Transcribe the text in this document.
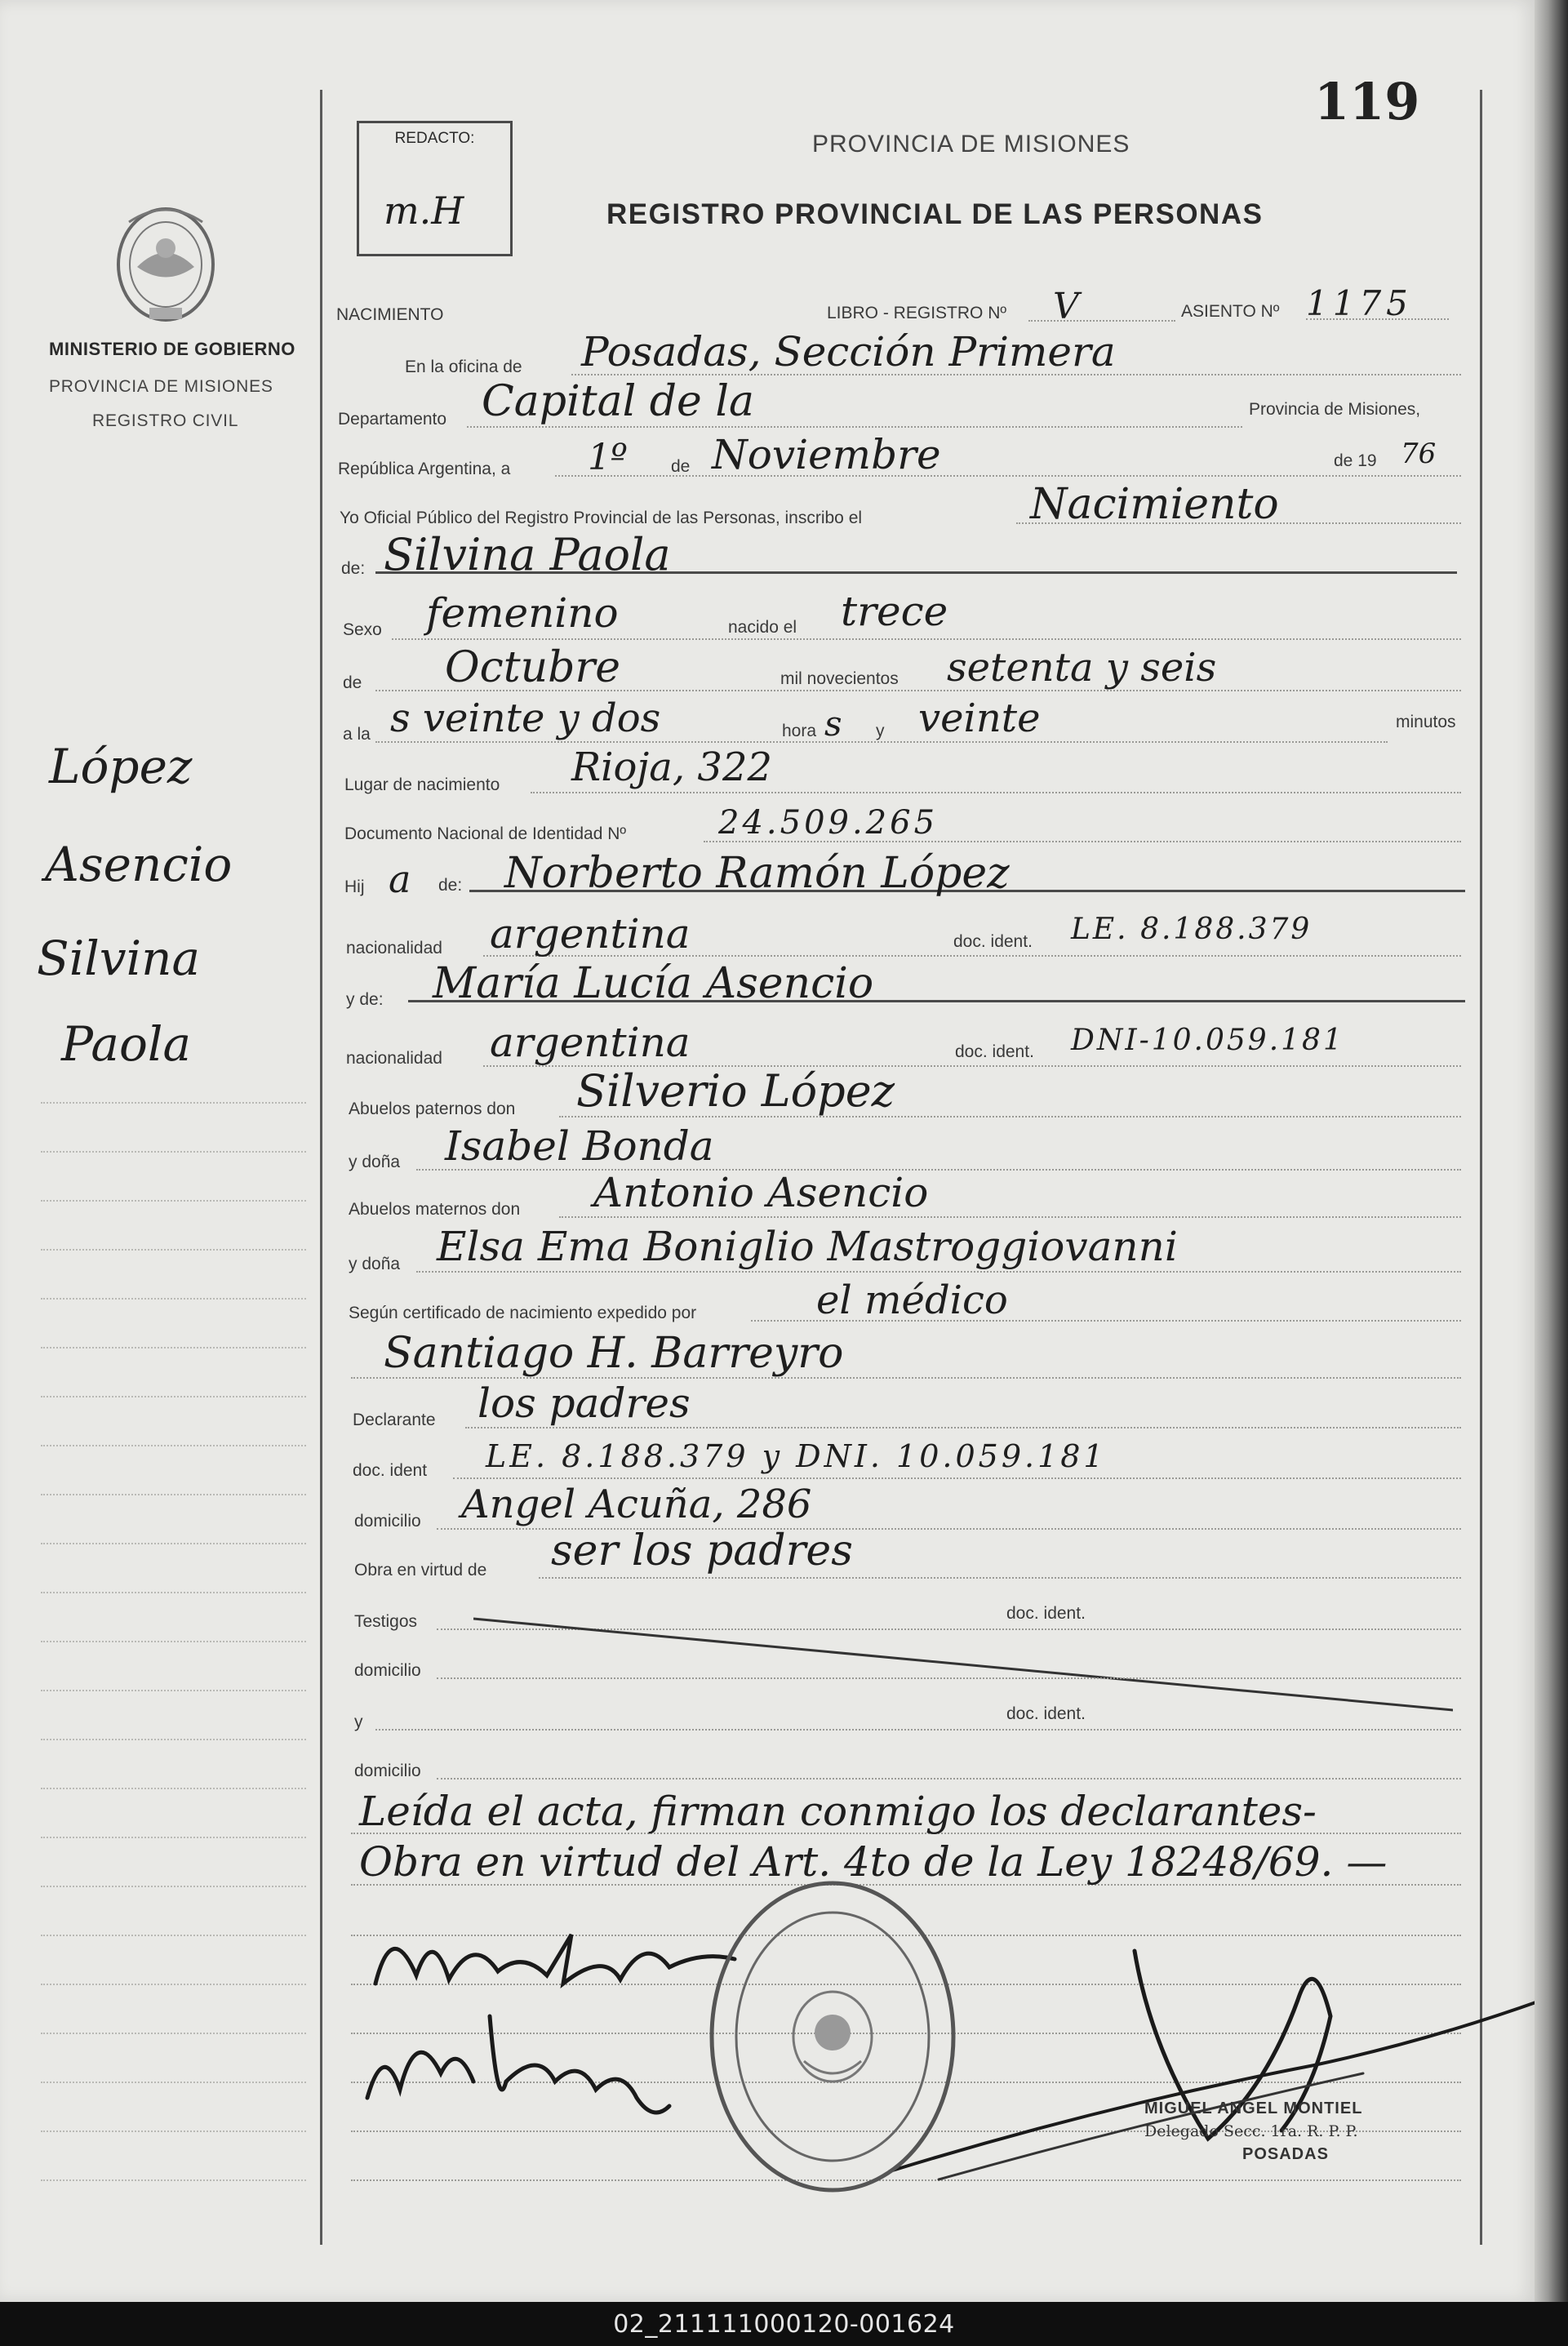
119
REDACTO:
m.H
PROVINCIA DE MISIONES
REGISTRO PROVINCIAL DE LAS PERSONAS
MINISTERIO DE GOBIERNO
PROVINCIA DE MISIONES
REGISTRO CIVIL
López
Asencio
Silvina
Paola
NACIMIENTO	LIBRO - REGISTRO Nº V	ASIENTO Nº 1175
En la oficina de Posadas, Sección Primera
Departamento Capital de la	Provincia de Misiones,
República Argentina, a 1º	de Noviembre	de 19 76
Yo Oficial Público del Registro Provincial de las Personas, inscribo el	Nacimiento
de: Silvina Paola
Sexo femenino	nacido el trece
de Octubre	mil novecientos setenta y seis
a la s veinte y dos	hora s y veinte	minutos
Lugar de nacimiento Rioja, 322
Documento Nacional de Identidad Nº	24.509.265
Hij a de: Norberto Ramón López
nacionalidad argentina	doc. ident. LE. 8.188.379
y de: María Lucía Asencio
nacionalidad argentina	doc. ident. DNI-10.059.181
Abuelos paternos don Silverio López
y doña Isabel Bonda
Abuelos maternos don Antonio Asencio
y doña Elsa Ema Boniglio Mastroggiovanni
Según certificado de nacimiento expedido por	el médico
Santiago H. Barreyro
Declarante los padres
doc. ident LE. 8.188.379 y DNI. 10.059.181
domicilio Angel Acuña, 286
Obra en virtud de ser los padres
Testigos	doc. ident.
domicilio
y	doc. ident.
domicilio
Leída el acta, firman conmigo los declarantes-
Obra en virtud del Art. 4to de la Ley 18248/69. —
MIGUEL ANGEL MONTIEL
Delegado Secc. 1ra. R. P. P.
POSADAS
02_211111000120-001624
